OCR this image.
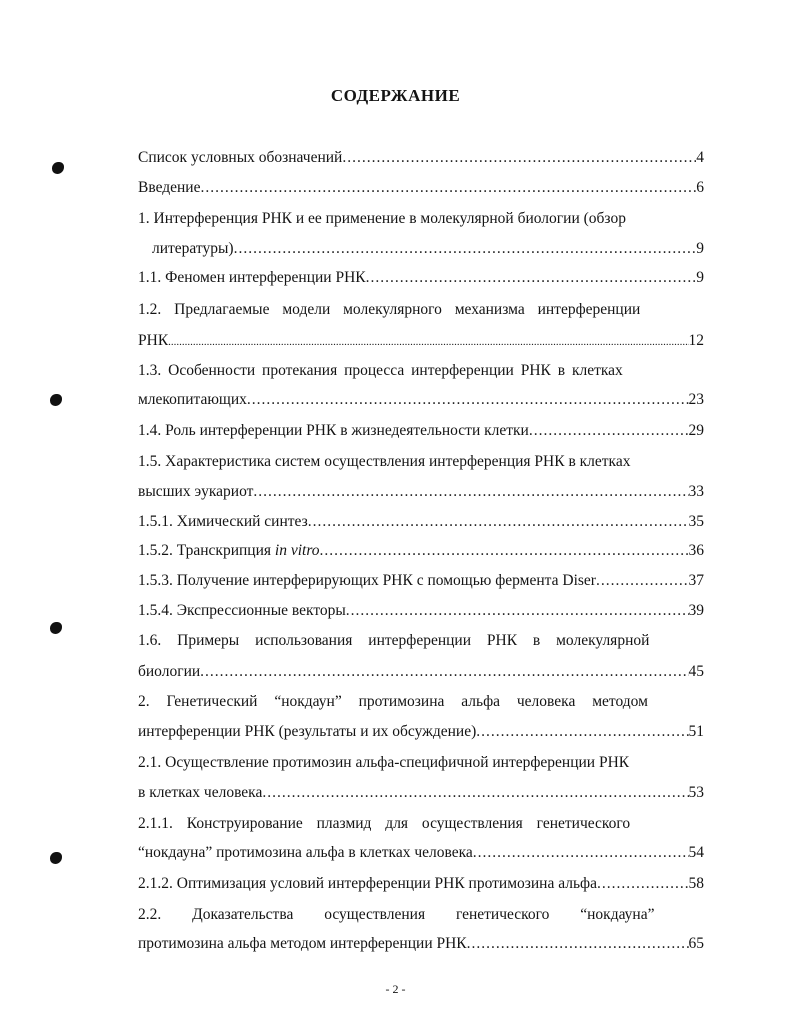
СОДЕРЖАНИЕ
Список условных обозначений .....	4
Введение .....	6
1. Интерференция РНК и ее применение в молекулярной биологии (обзор
литературы) .....	9
1.1. Феномен интерференции РНК .....	9
1.2. Предлагаемые модели молекулярного механизма интерференции
РНК .....	12
1.3. Особенности протекания процесса интерференции РНК в клетках
млекопитающих .....	23
1.4. Роль интерференции РНК в жизнедеятельности клетки .....	29
1.5. Характеристика систем осуществления интерференция РНК в клетках
высших эукариот .....	33
1.5.1. Химический синтез .....	35
1.5.2. Транскрипция in vitro .....	36
1.5.3. Получение интерферирующих РНК с помощью фермента Diser .....	37
1.5.4. Экспрессионные векторы .....	39
1.6. Примеры использования интерференции РНК в молекулярной
биологии .....	45
2. Генетический “нокдаун” протимозина альфа человека методом
интерференции РНК (результаты и их обсуждение) .....	51
2.1. Осуществление протимозин альфа-специфичной интерференции РНК
в клетках человека .....	53
2.1.1. Конструирование плазмид для осуществления генетического
“нокдауна” протимозина альфа в клетках человека .....	54
2.1.2. Оптимизация условий интерференции РНК протимозина альфа .....	58
2.2. Доказательства осуществления генетического “нокдауна”
протимозина альфа методом интерференции РНК .....	65
- 2 -
